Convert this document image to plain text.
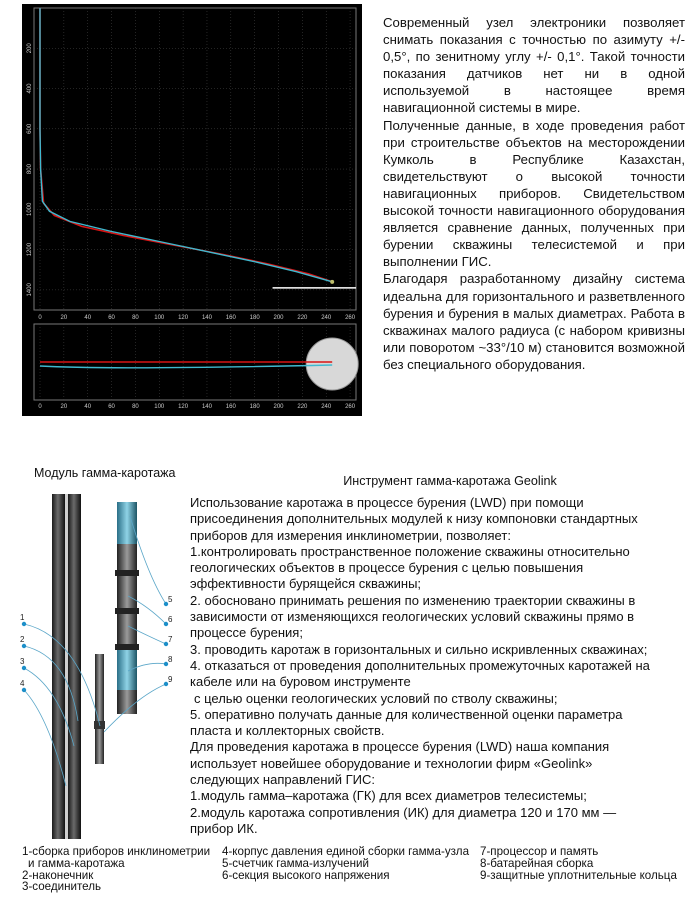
0	20	40	60	80	100 120 140 160 180 200 220 240 260
0	20	40	60	80	100 120 140 160 180 200 220 240 260
200
400
600
800
1000
1200
1400

Современный узел электроники позволяет снимать показания с точностью по азимуту +/- 0,5°, по зенитному углу +/- 0,1°. Такой точности показания датчиков нет ни в одной используемой в настоящее время навигационной системы в мире.

Полученные данные, в ходе проведения работ при строительстве объектов на месторождении Кумколь в Республике Казахстан, свидетельствуют о высокой точности навигационных приборов. Свидетельством высокой точности навигационного оборудования является сравнение данных, полученных при бурении скважины телесистемой и при выполнении ГИС.

Благодаря разработанному дизайну система идеальна для горизонтального и разветвленного бурения и бурения в малых диаметрах. Работа в скважинах малого радиуса (с набором кривизны или поворотом ~33°/10 м) становится возможной без специального оборудования.

Модуль гамма-каротажа
1
2
3
4
5
6
7
8
9
Инструмент гамма-каротажа Geolink

Использование каротажа в процессе бурения (LWD) при помощи присоединения дополнительных модулей к низу компоновки стандартных приборов для измерения инклинометрии, позволяет:

1.контролировать пространственное положение скважины относительно геологических объектов в процессе бурения с целью повышения эффективности бурящейся скважины;

2. обосновано принимать решения по изменению траектории скважины в зависимости от изменяющихся геологических условий скважины прямо в процессе бурения;

3. проводить каротаж в горизонтальных и сильно искривленных скважинах;

4. отказаться от проведения дополнительных промежуточных каротажей на кабеле или на буровом инструменте

с целью оценки геологических условий по стволу скважины;

5. оперативно получать данные для количественной оценки параметра пласта и коллекторных свойств.

Для проведения каротажа в процессе бурения (LWD) наша компания использует новейшее оборудование и технологии фирм «Geolink» следующих направлений ГИС:

1.модуль гамма–каротажа (ГК) для всех диаметров телесистемы;

2.модуль каротажа сопротивления (ИК) для диаметра 120 и 170 мм — прибор ИК.

1-сборка приборов инклинометрии
и гамма-каротажа
2-наконечник
3-соединитель
4-корпус давления единой сборки гамма-узла
5-счетчик гамма-излучений
6-секция высокого напряжения
7-процессор и память
8-батарейная сборка
9-защитные уплотнительные кольца
